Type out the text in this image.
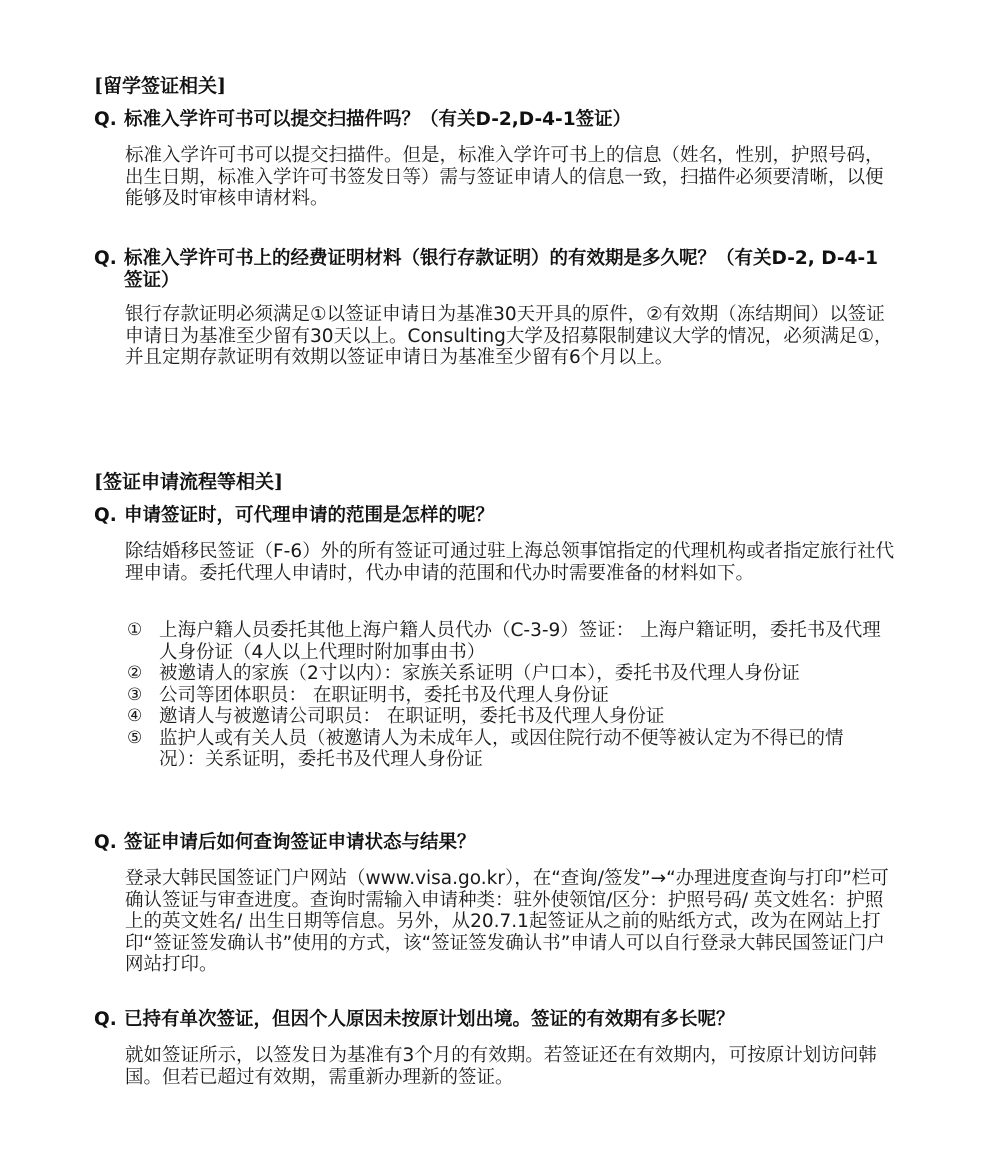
[留学签证相关]
Q. 标准入学许可书可以提交扫描件吗？（有关D-2,D-4-1签证）

标准入学许可书可以提交扫描件。但是，标准入学许可书上的信息（姓名，性别，护照号码，出生日期，标准入学许可书签发日等）需与签证申请人的信息一致，扫描件必须要清晰，以便能够及时审核申请材料。

Q. 标准入学许可书上的经费证明材料（银行存款证明）的有效期是多久呢？（有关D-2, D-4-1签证）

银行存款证明必须满足①以签证申请日为基准30天开具的原件，②有效期（冻结期间）以签证申请日为基准至少留有30天以上。Consulting大学及招募限制建议大学的情况，必须满足①，并且定期存款证明有效期以签证申请日为基准至少留有6个月以上。

[签证申请流程等相关]
Q. 申请签证时，可代理申请的范围是怎样的呢？

除结婚移民签证（F-6）外的所有签证可通过驻上海总领事馆指定的代理机构或者指定旅行社代理申请。委托代理人申请时，代办申请的范围和代办时需要准备的材料如下。

① 上海户籍人员委托其他上海户籍人员代办（C-3-9）签证： 上海户籍证明，委托书及代理人身份证（4人以上代理时附加事由书）
② 被邀请人的家族（2寸以内）：家族关系证明（户口本），委托书及代理人身份证
③ 公司等团体职员： 在职证明书，委托书及代理人身份证
④ 邀请人与被邀请公司职员： 在职证明，委托书及代理人身份证
⑤ 监护人或有关人员（被邀请人为未成年人，或因住院行动不便等被认定为不得已的情况）：关系证明，委托书及代理人身份证
Q. 签证申请后如何查询签证申请状态与结果？

登录大韩民国签证门户网站（www.visa.go.kr），在“查询/签发”→“办理进度查询与打印”栏可确认签证与审查进度。查询时需输入申请种类：驻外使领馆/区分：护照号码/ 英文姓名：护照上的英文姓名/ 出生日期等信息。另外，从20.7.1起签证从之前的贴纸方式，改为在网站上打印“签证签发确认书”使用的方式，该“签证签发确认书”申请人可以自行登录大韩民国签证门户网站打印。

Q. 已持有单次签证，但因个人原因未按原计划出境。签证的有效期有多长呢？

就如签证所示，以签发日为基准有3个月的有效期。若签证还在有效期内，可按原计划访问韩国。但若已超过有效期，需重新办理新的签证。
